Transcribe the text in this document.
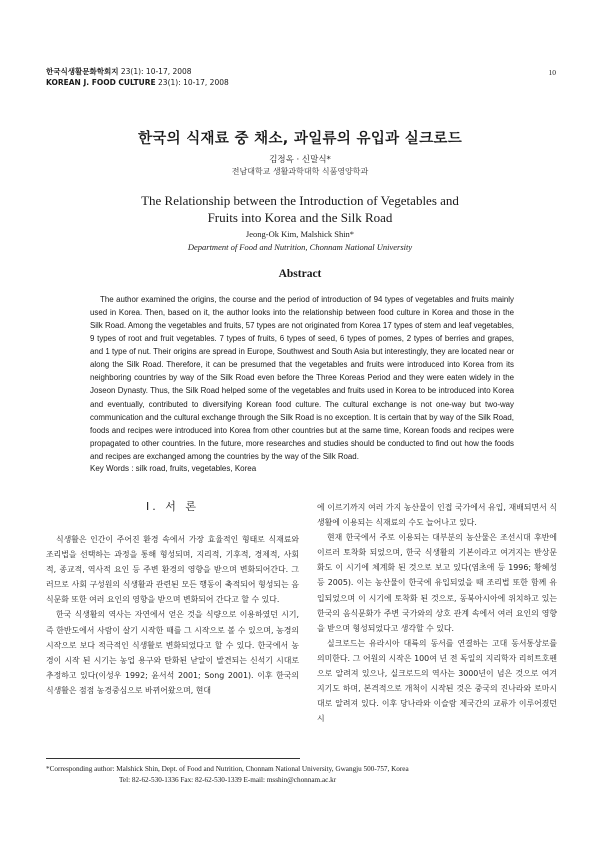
한국식생활문화학회지 23(1): 10-17, 2008
KOREAN J. FOOD CULTURE 23(1): 10-17, 2008
10
한국의 식재료 중 채소, 과일류의 유입과 실크로드
김정옥 · 신말식*
전남대학교 생활과학대학 식품영양학과
The Relationship between the Introduction of Vegetables and
Fruits into Korea and the Silk Road
Jeong-Ok Kim, Malshick Shin*
Department of Food and Nutrition, Chonnam National University
Abstract
The author examined the origins, the course and the period of introduction of 94 types of vegetables and fruits mainly used in Korea. Then, based on it, the author looks into the relationship between food culture in Korea and those in the Silk Road. Among the vegetables and fruits, 57 types are not originated from Korea 17 types of stem and leaf vegetables, 9 types of root and fruit vegetables. 7 types of fruits, 6 types of seed, 6 types of pomes, 2 types of berries and grapes, and 1 type of nut. Their origins are spread in Europe, Southwest and South Asia but interestingly, they are located near or along the Silk Road. Therefore, it can be presumed that the vegetables and fruits were introduced into Korea from its neighboring countries by way of the Silk Road even before the Three Koreas Period and they were eaten widely in the Joseon Dynasty. Thus, the Silk Road helped some of the vegetables and fruits used in Korea to be introduced into Korea and eventually, contributed to diversifying Korean food culture. The cultural exchange is not one-way but two-way communication and the cultural exchange through the Silk Road is no exception. It is certain that by way of the Silk Road, foods and recipes were introduced into Korea from other countries but at the same time, Korean foods and recipes were propagated to other countries. In the future, more researches and studies should be conducted to find out how the foods and recipes are exchanged among the countries by the way of the Silk Road.
Key Words : silk road, fruits, vegetables, Korea
Ⅰ. 서 론

식생활은 인간이 주어진 환경 속에서 가장 효율적인 형태로 식재료와 조리법을 선택하는 과정을 통해 형성되며, 지리적, 기후적, 경제적, 사회적, 종교적, 역사적 요인 등 주변 환경의 영향을 받으며 변화되어간다. 그러므로 사회 구성원의 식생활과 관련된 모든 행동이 축적되어 형성되는 음식문화 또한 여러 요인의 영향을 받으며 변화되어 간다고 할 수 있다.

한국 식생활의 역사는 자연에서 얻은 것을 식량으로 이용하였던 시기, 즉 한반도에서 사람이 살기 시작한 때를 그 시작으로 볼 수 있으며, 농경의 시작으로 보다 적극적인 식생활로 변화되었다고 할 수 있다. 한국에서 농경이 시작 된 시기는 농업 용구와 탄화된 낟알이 발견되는 신석기 시대로 추정하고 있다(이성우 1992; 윤서석 2001; Song 2001). 이후 한국의 식생활은 점점 농경중심으로 바뀌어왔으며, 현대

에 이르기까지 여러 가지 농산물이 인접 국가에서 유입, 재배되면서 식생활에 이용되는 식재료의 수도 늘어나고 있다.

현재 한국에서 주로 이용되는 대부분의 농산물은 조선시대 후반에 이르러 토착화 되었으며, 한국 식생활의 기본이라고 여겨지는 반상문화도 이 시기에 체계화 된 것으로 보고 있다(염초애 등 1996; 황혜성 등 2005). 이는 농산물이 한국에 유입되었을 때 조리법 또한 함께 유입되었으며 이 시기에 토착화 된 것으로, 동북아시아에 위치하고 있는 한국의 음식문화가 주변 국가와의 상호 관계 속에서 여러 요인의 영향을 받으며 형성되었다고 생각할 수 있다.

실크로드는 유라시아 대륙의 동서를 연결하는 고대 동서통상로를 의미한다. 그 어원의 시작은 100여 년 전 독일의 지리학자 리히트호펜으로 알려져 있으나, 실크로드의 역사는 3000년이 넘은 것으로 여겨지기도 하며, 본격적으로 개척이 시작된 것은 중국의 진나라와 로마시대로 알려져 있다. 이후 당나라와 이슬람 제국간의 교류가 이루어졌던 시

*Corresponding author: Malshick Shin, Dept. of Food and Nutrition, Chonnam National University, Gwangju 500-757, Korea
Tel: 82-62-530-1336 Fax: 82-62-530-1339 E-mail: msshin@chonnam.ac.kr
